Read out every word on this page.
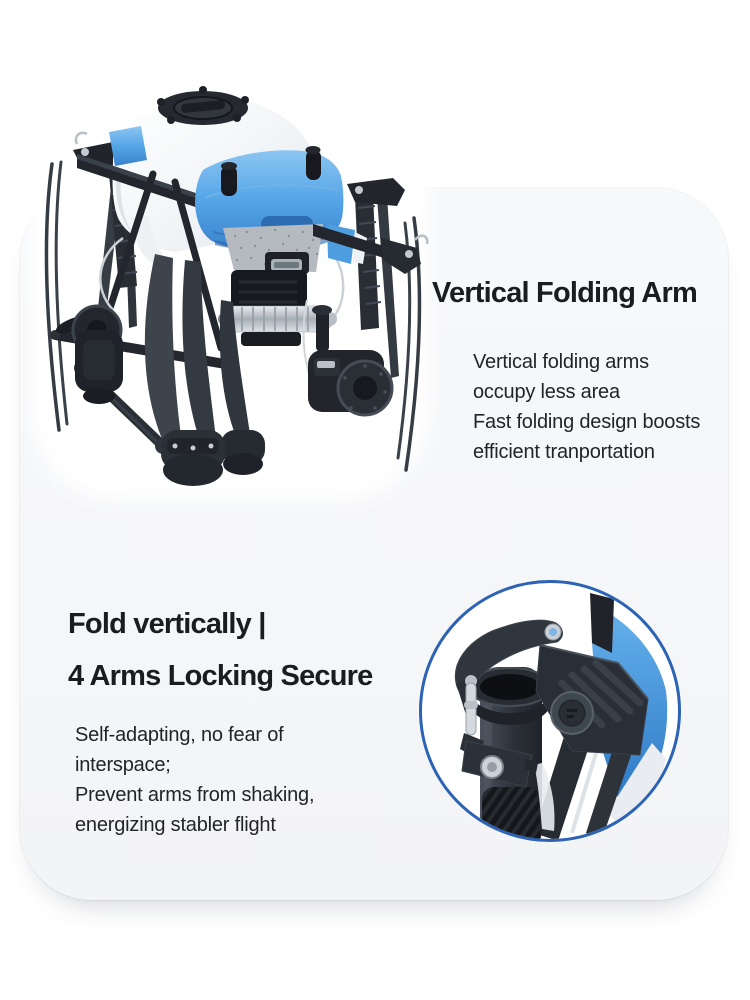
Vertical Folding Arm
Vertical folding arms
occupy less area
Fast folding design boosts
efficient tranportation
Fold vertically |
4 Arms Locking Secure
Self-adapting, no fear of
interspace;
Prevent arms from shaking,
energizing stabler flight
